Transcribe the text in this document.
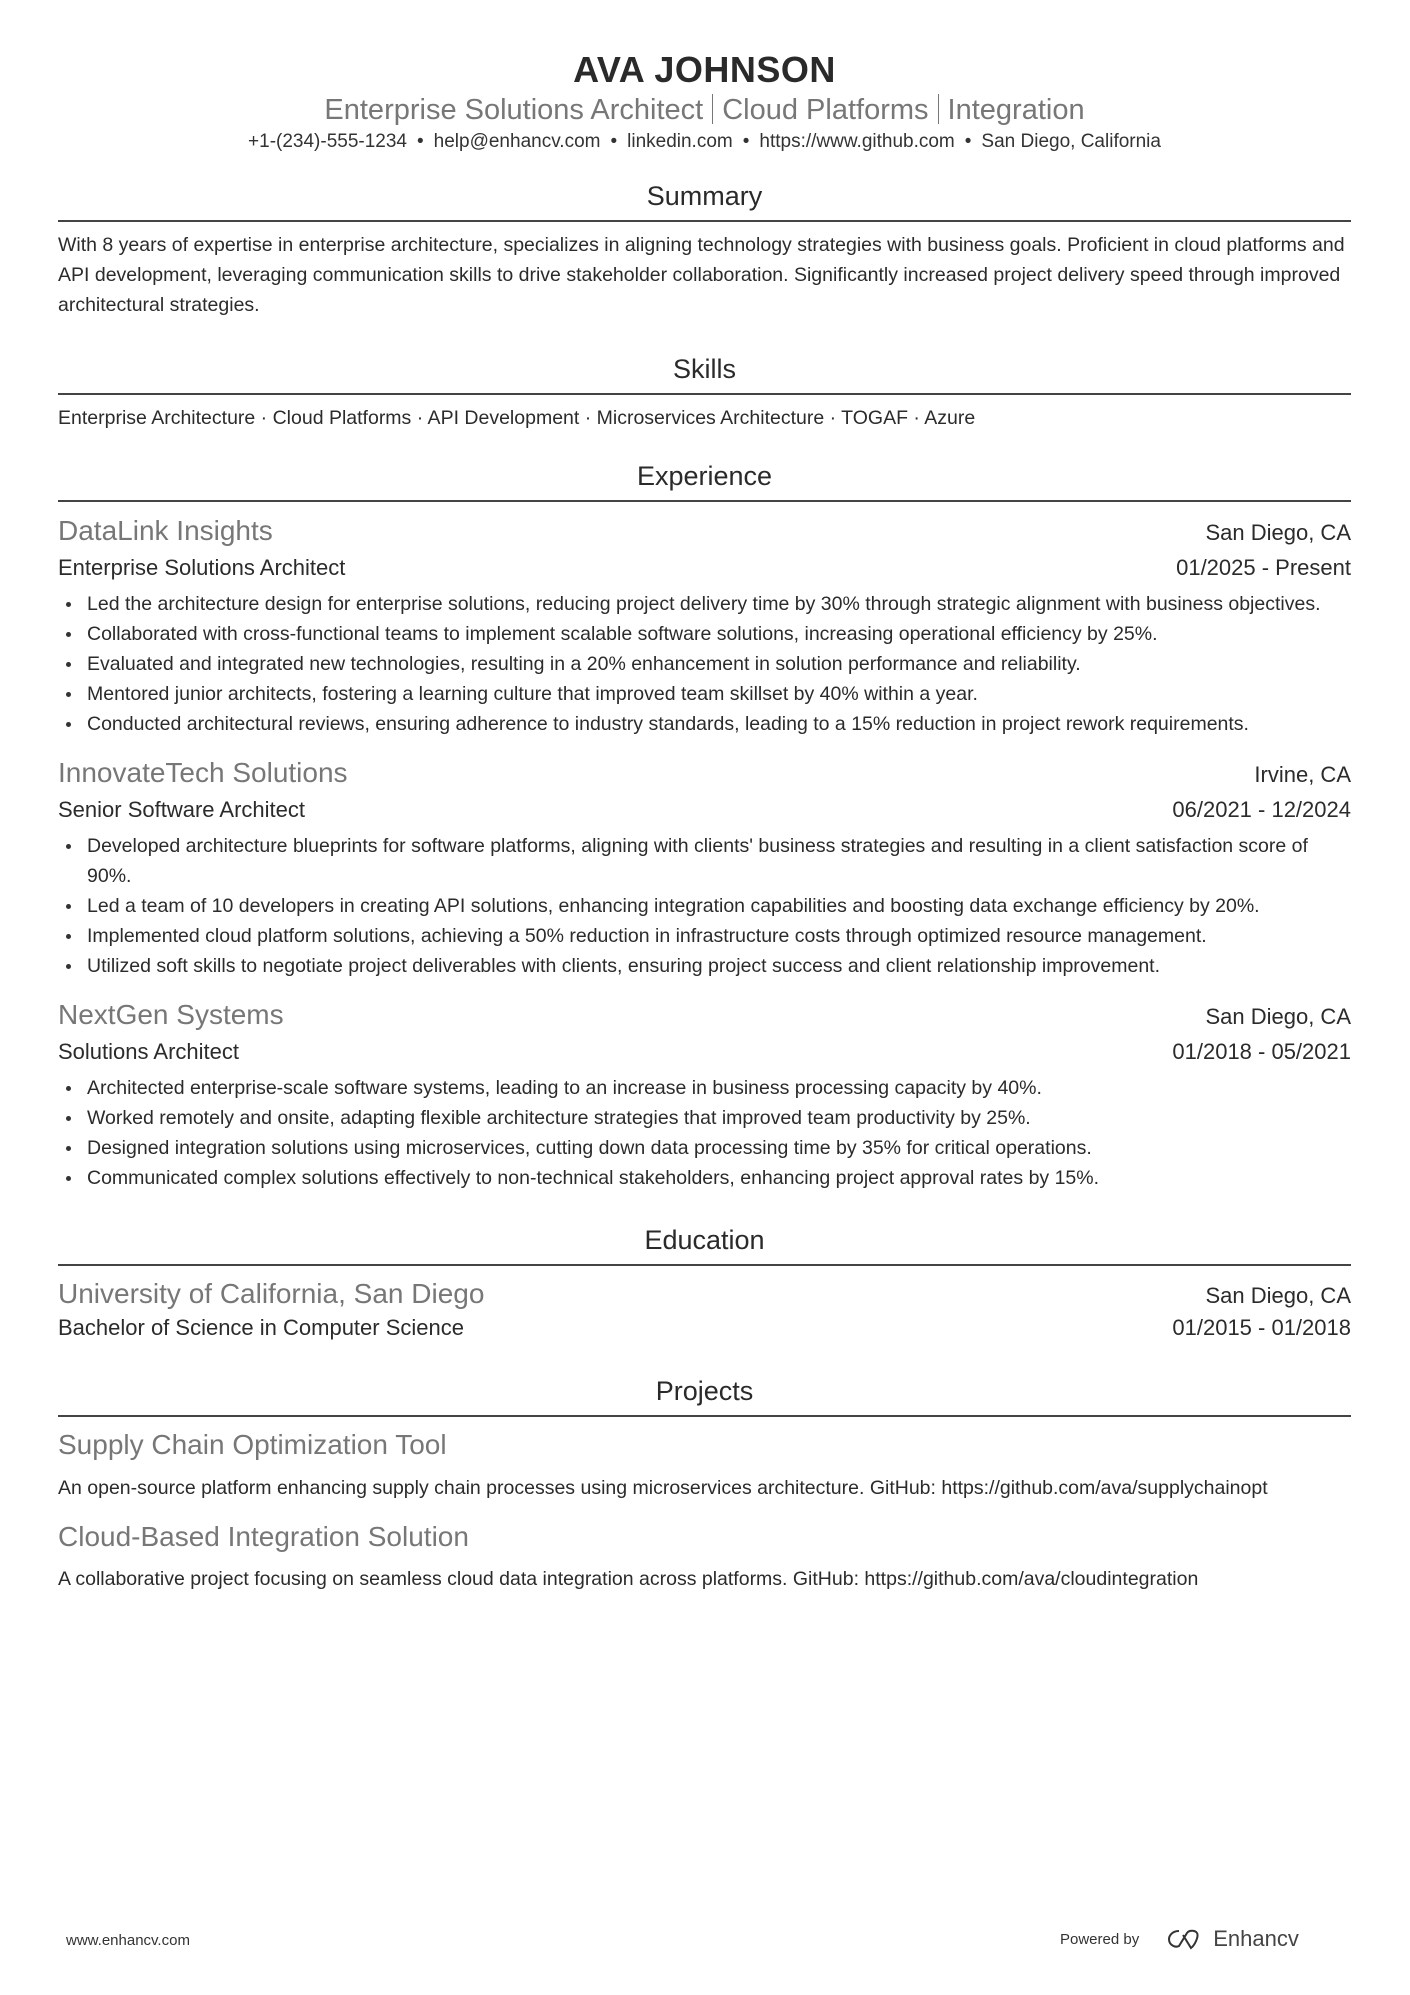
AVA JOHNSON
Enterprise Solutions Architect Cloud Platforms Integration
+1-(234)-555-1234 • help@enhancv.com • linkedin.com • https://www.github.com • San Diego, California
Summary
With 8 years of expertise in enterprise architecture, specializes in aligning technology strategies with business goals. Proficient in cloud platforms and API development, leveraging communication skills to drive stakeholder collaboration. Significantly increased project delivery speed through improved architectural strategies.
Skills
Enterprise Architecture · Cloud Platforms · API Development · Microservices Architecture · TOGAF · Azure
Experience
DataLink Insights	San Diego, CA
Enterprise Solutions Architect	01/2025 - Present
Led the architecture design for enterprise solutions, reducing project delivery time by 30% through strategic alignment with business objectives.
Collaborated with cross-functional teams to implement scalable software solutions, increasing operational efficiency by 25%.
Evaluated and integrated new technologies, resulting in a 20% enhancement in solution performance and reliability.
Mentored junior architects, fostering a learning culture that improved team skillset by 40% within a year.
Conducted architectural reviews, ensuring adherence to industry standards, leading to a 15% reduction in project rework requirements.
InnovateTech Solutions	Irvine, CA
Senior Software Architect	06/2021 - 12/2024
Developed architecture blueprints for software platforms, aligning with clients' business strategies and resulting in a client satisfaction score of 90%.
Led a team of 10 developers in creating API solutions, enhancing integration capabilities and boosting data exchange efficiency by 20%.
Implemented cloud platform solutions, achieving a 50% reduction in infrastructure costs through optimized resource management.
Utilized soft skills to negotiate project deliverables with clients, ensuring project success and client relationship improvement.
NextGen Systems	San Diego, CA
Solutions Architect	01/2018 - 05/2021
Architected enterprise-scale software systems, leading to an increase in business processing capacity by 40%.
Worked remotely and onsite, adapting flexible architecture strategies that improved team productivity by 25%.
Designed integration solutions using microservices, cutting down data processing time by 35% for critical operations.
Communicated complex solutions effectively to non-technical stakeholders, enhancing project approval rates by 15%.
Education
University of California, San Diego	San Diego, CA
Bachelor of Science in Computer Science	01/2015 - 01/2018
Projects
Supply Chain Optimization Tool
An open-source platform enhancing supply chain processes using microservices architecture. GitHub: https://github.com/ava/supplychainopt
Cloud-Based Integration Solution
A collaborative project focusing on seamless cloud data integration across platforms. GitHub: https://github.com/ava/cloudintegration
www.enhancv.com	Powered by	Enhancv
